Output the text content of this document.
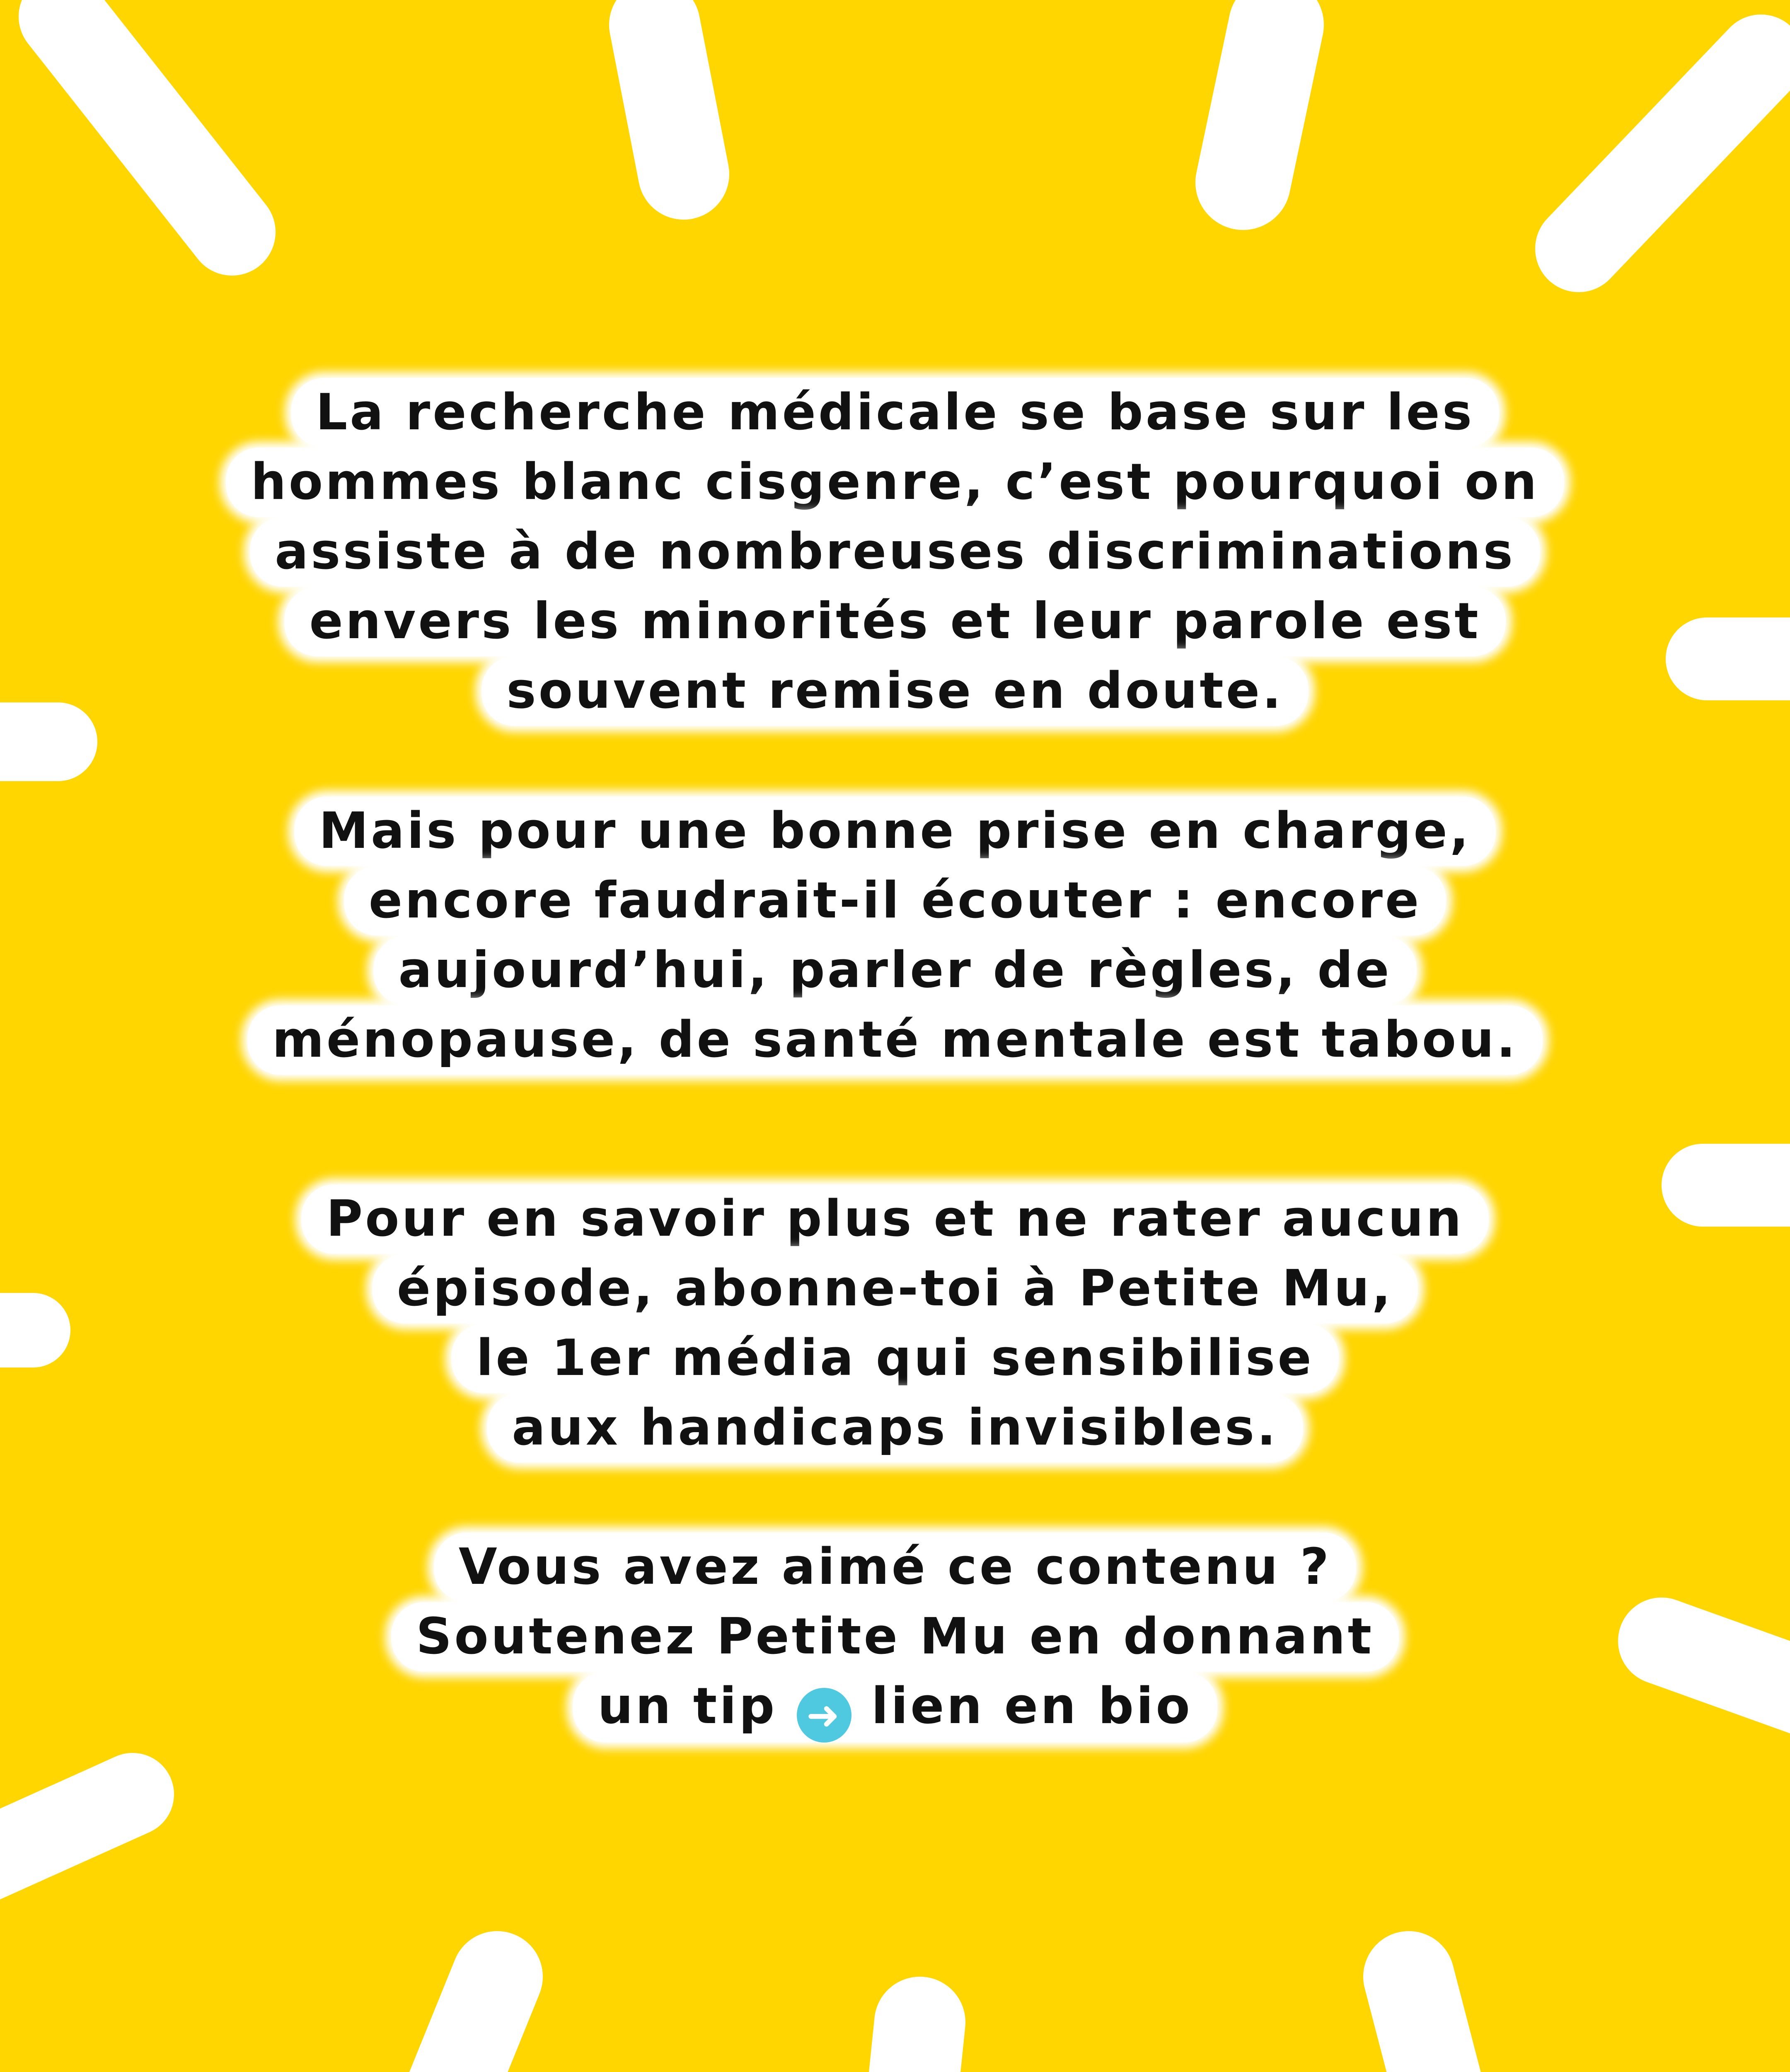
La recherche médicale se base sur les
hommes blanc cisgenre, c’est pourquoi on
assiste à de nombreuses discriminations
envers les minorités et leur parole est
souvent remise en doute.
Mais pour une bonne prise en charge,
encore faudrait-il écouter : encore
aujourd’hui, parler de règles, de
ménopause, de santé mentale est tabou.
Pour en savoir plus et ne rater aucun
épisode, abonne-toi à Petite Mu,
le 1er média qui sensibilise
aux handicaps invisibles.
Vous avez aimé ce contenu ?
Soutenez Petite Mu en donnant
un tip ➜ lien en bio
